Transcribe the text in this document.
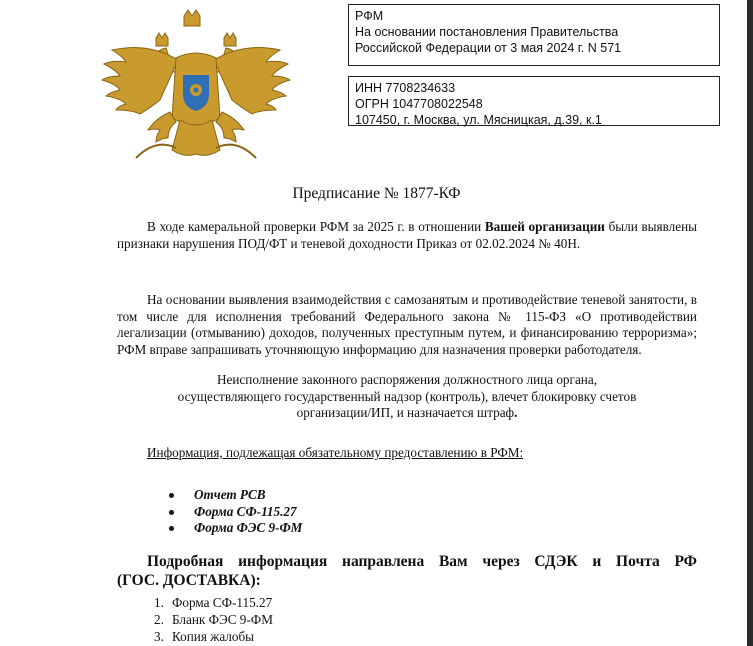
РФМ
На основании постановления Правительства
Российской Федерации от 3 мая 2024 г. N 571
ИНН 7708234633
ОГРН 1047708022548
107450, г. Москва, ул. Мясницкая, д.39, к.1
Предписание № 1877-КФ
В ходе камеральной проверки РФМ за 2025 г. в отношении Вашей организации были выявлены признаки нарушения ПОД/ФТ и теневой доходности Приказ от 02.02.2024 № 40Н.
На основании выявления взаимодействия с самозанятым и противодействие теневой занятости, в том числе для исполнения требований Федерального закона № 115-ФЗ «О противодействии легализации (отмыванию) доходов, полученных преступным путем, и финансированию терроризма»; РФМ вправе запрашивать уточняющую информацию для назначения проверки работодателя.
Неисполнение законного распоряжения должностного лица органа,
осуществляющего государственный надзор (контроль), влечет блокировку счетов
организации/ИП, и назначается штраф.
Информация, подлежащая обязательному предоставлению в РФМ:
Отчет РСВ
Форма СФ-115.27
Форма ФЭС 9-ФМ
Подробная информация направлена Вам через СДЭК и Почта РФ
(ГОС. ДОСТАВКА):
1. Форма СФ-115.27
2. Бланк ФЭС 9-ФМ
3. Копия жалобы
